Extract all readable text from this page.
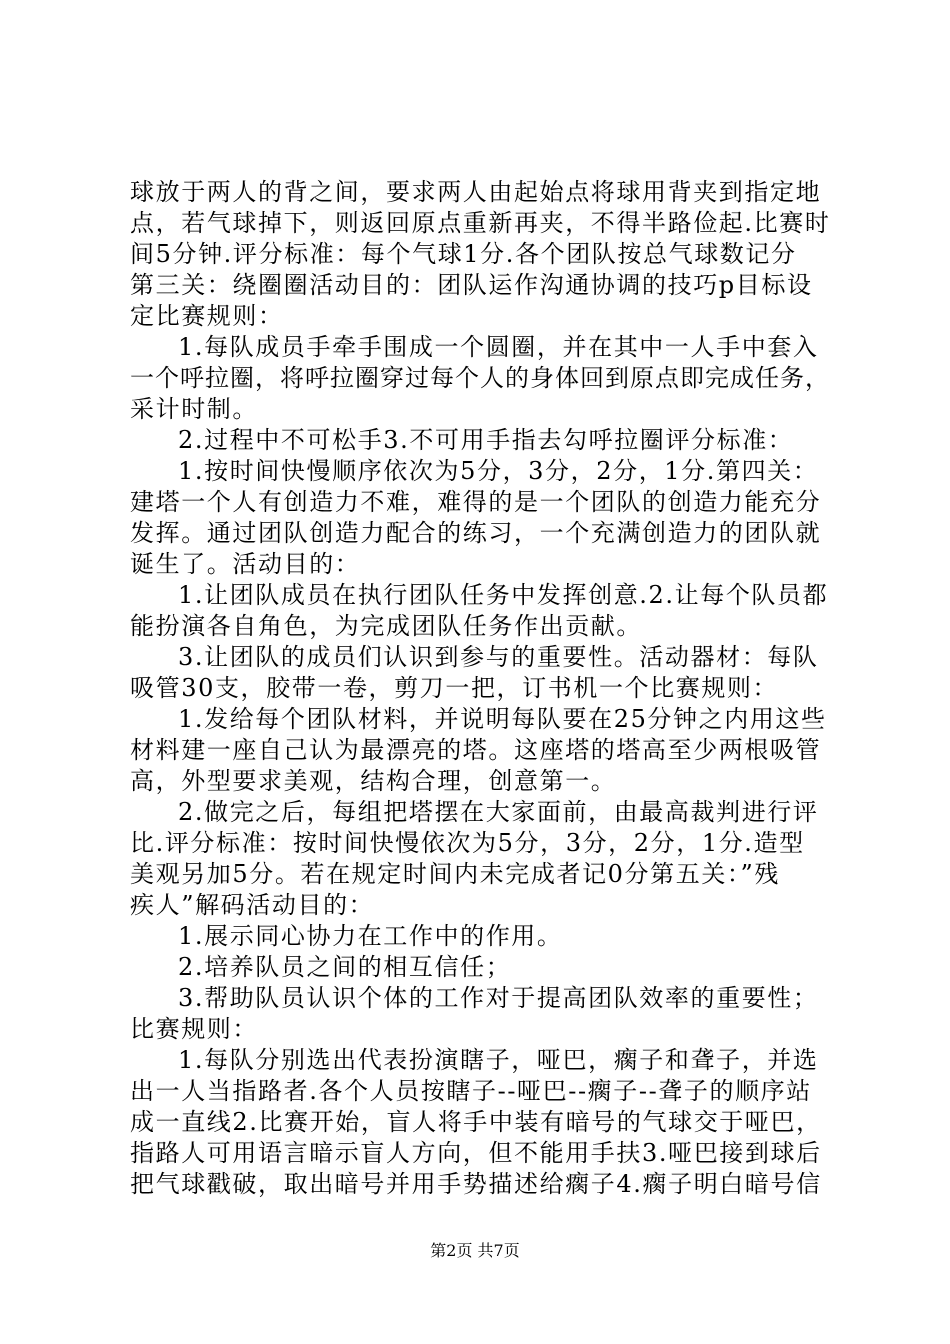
球放于两人的背之间，要求两人由起始点将球用背夹到指定地
点，若气球掉下，则返回原点重新再夹，不得半路俭起.比赛时
间5分钟.评分标准：每个气球1分.各个团队按总气球数记分
第三关：绕圈圈活动目的：团队运作沟通协调的技巧p目标设
定比赛规则：
1.每队成员手牵手围成一个圆圈，并在其中一人手中套入
一个呼拉圈，将呼拉圈穿过每个人的身体回到原点即完成任务，
采计时制。
2.过程中不可松手3.不可用手指去勾呼拉圈评分标准：
1.按时间快慢顺序依次为5分，3分，2分，1分.第四关：
建塔一个人有创造力不难，难得的是一个团队的创造力能充分
发挥。通过团队创造力配合的练习，一个充满创造力的团队就
诞生了。活动目的：
1.让团队成员在执行团队任务中发挥创意.2.让每个队员都
能扮演各自角色，为完成团队任务作出贡献。
3.让团队的成员们认识到参与的重要性。活动器材：每队
吸管30支，胶带一卷，剪刀一把，订书机一个比赛规则：
1.发给每个团队材料，并说明每队要在25分钟之内用这些
材料建一座自己认为最漂亮的塔。这座塔的塔高至少两根吸管
高，外型要求美观，结构合理，创意第一。
2.做完之后，每组把塔摆在大家面前，由最高裁判进行评
比.评分标准：按时间快慢依次为5分，3分，2分，1分.造型
美观另加5分。若在规定时间内未完成者记0分第五关：”残
疾人”解码活动目的：
1.展示同心协力在工作中的作用。
2.培养队员之间的相互信任；
3.帮助队员认识个体的工作对于提高团队效率的重要性；
比赛规则：
1.每队分别选出代表扮演瞎子，哑巴，瘸子和聋子，并选
出一人当指路者.各个人员按瞎子--哑巴--瘸子--聋子的顺序站
成一直线2.比赛开始，盲人将手中装有暗号的气球交于哑巴，
指路人可用语言暗示盲人方向，但不能用手扶3.哑巴接到球后
把气球戳破，取出暗号并用手势描述给瘸子4.瘸子明白暗号信
第2页 共7页
